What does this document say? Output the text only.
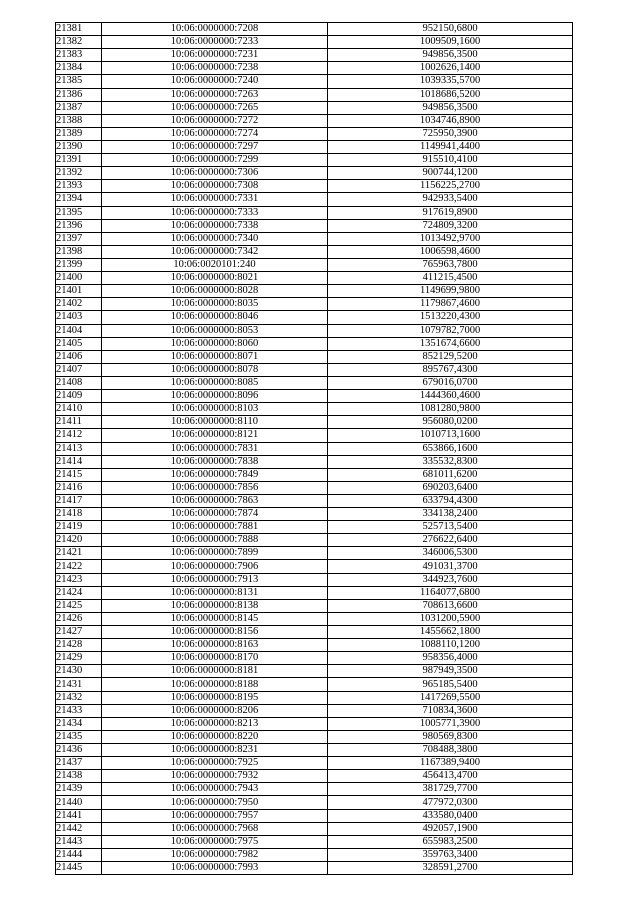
21381	10:06:0000000:7208	952150,6800
21382	10:06:0000000:7233	1009509,1600
21383	10:06:0000000:7231	949856,3500
21384	10:06:0000000:7238	1002626,1400
21385	10:06:0000000:7240	1039335,5700
21386	10:06:0000000:7263	1018686,5200
21387	10:06:0000000:7265	949856,3500
21388	10:06:0000000:7272	1034746,8900
21389	10:06:0000000:7274	725950,3900
21390	10:06:0000000:7297	1149941,4400
21391	10:06:0000000:7299	915510,4100
21392	10:06:0000000:7306	900744,1200
21393	10:06:0000000:7308	1156225,2700
21394	10:06:0000000:7331	942933,5400
21395	10:06:0000000:7333	917619,8900
21396	10:06:0000000:7338	724809,3200
21397	10:06:0000000:7340	1013492,9700
21398	10:06:0000000:7342	1006598,4600
21399	10:06:0020101:240	765963,7800
21400	10:06:0000000:8021	411215,4500
21401	10:06:0000000:8028	1149699,9800
21402	10:06:0000000:8035	1179867,4600
21403	10:06:0000000:8046	1513220,4300
21404	10:06:0000000:8053	1079782,7000
21405	10:06:0000000:8060	1351674,6600
21406	10:06:0000000:8071	852129,5200
21407	10:06:0000000:8078	895767,4300
21408	10:06:0000000:8085	679016,0700
21409	10:06:0000000:8096	1444360,4600
21410	10:06:0000000:8103	1081280,9800
21411	10:06:0000000:8110	956080,0200
21412	10:06:0000000:8121	1010713,1600
21413	10:06:0000000:7831	653866,1600
21414	10:06:0000000:7838	335532,8300
21415	10:06:0000000:7849	681011,6200
21416	10:06:0000000:7856	690203,6400
21417	10:06:0000000:7863	633794,4300
21418	10:06:0000000:7874	334138,2400
21419	10:06:0000000:7881	525713,5400
21420	10:06:0000000:7888	276622,6400
21421	10:06:0000000:7899	346006,5300
21422	10:06:0000000:7906	491031,3700
21423	10:06:0000000:7913	344923,7600
21424	10:06:0000000:8131	1164077,6800
21425	10:06:0000000:8138	708613,6600
21426	10:06:0000000:8145	1031200,5900
21427	10:06:0000000:8156	1455662,1800
21428	10:06:0000000:8163	1088110,1200
21429	10:06:0000000:8170	958356,4000
21430	10:06:0000000:8181	987949,3500
21431	10:06:0000000:8188	965185,5400
21432	10:06:0000000:8195	1417269,5500
21433	10:06:0000000:8206	710834,3600
21434	10:06:0000000:8213	1005771,3900
21435	10:06:0000000:8220	980569,8300
21436	10:06:0000000:8231	708488,3800
21437	10:06:0000000:7925	1167389,9400
21438	10:06:0000000:7932	456413,4700
21439	10:06:0000000:7943	381729,7700
21440	10:06:0000000:7950	477972,0300
21441	10:06:0000000:7957	433580,0400
21442	10:06:0000000:7968	492057,1900
21443	10:06:0000000:7975	655983,2500
21444	10:06:0000000:7982	359763,3400
21445	10:06:0000000:7993	328591,2700
